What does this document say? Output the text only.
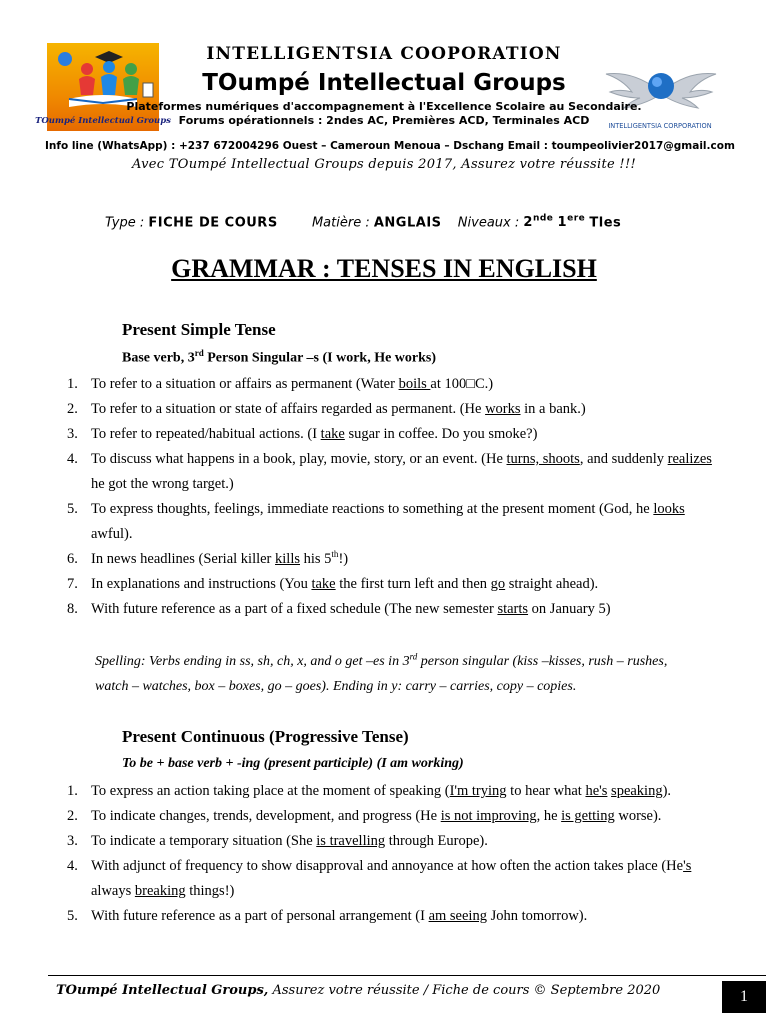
TOumpé Intellectual Groups	INTELLIGENTSIA CORPORATION
INTELLIGENTSIA COOPORATION
TOumpé Intellectual Groups
Plateformes numériques d'accompagnement à l'Excellence Scolaire au Secondaire.
Forums opérationnels : 2ndes AC, Premières ACD, Terminales ACD
Info line (WhatsApp) : +237 672004296 Ouest – Cameroun Menoua – Dschang Email : toumpeolivier2017@gmail.com
Avec TOumpé Intellectual Groups depuis 2017, Assurez votre réussite !!!
Type : FICHE DE COURS	Matière : ANGLAIS Niveaux : 2nde 1ere Tles
GRAMMAR : TENSES IN ENGLISH
Present Simple Tense
Base verb, 3rd Person Singular –s (I work, He works)
1. To refer to a situation or affairs as permanent (Water boils at 100□C.)
2. To refer to a situation or state of affairs regarded as permanent. (He works in a bank.)
3. To refer to repeated/habitual actions. (I take sugar in coffee. Do you smoke?)
4. To discuss what happens in a book, play, movie, story, or an event. (He turns, shoots, and suddenly realizes he got the wrong target.)
5. To express thoughts, feelings, immediate reactions to something at the present moment (God, he looks awful).
6. In news headlines (Serial killer kills his 5th!)
7. In explanations and instructions (You take the first turn left and then go straight ahead).
8. With future reference as a part of a fixed schedule (The new semester starts on January 5)
Spelling: Verbs ending in ss, sh, ch, x, and o get –es in 3rd person singular (kiss –kisses, rush – rushes, watch – watches, box – boxes, go – goes). Ending in y: carry – carries, copy – copies.
Present Continuous (Progressive Tense)
To be + base verb + -ing (present participle) (I am working)
1. To express an action taking place at the moment of speaking (I'm trying to hear what he's speaking).
2. To indicate changes, trends, development, and progress (He is not improving, he is getting worse).
3. To indicate a temporary situation (She is travelling through Europe).
4. With adjunct of frequency to show disapproval and annoyance at how often the action takes place (He's always breaking things!)
5. With future reference as a part of personal arrangement (I am seeing John tomorrow).
TOumpé Intellectual Groups, Assurez votre réussite / Fiche de cours © Septembre 2020	1
